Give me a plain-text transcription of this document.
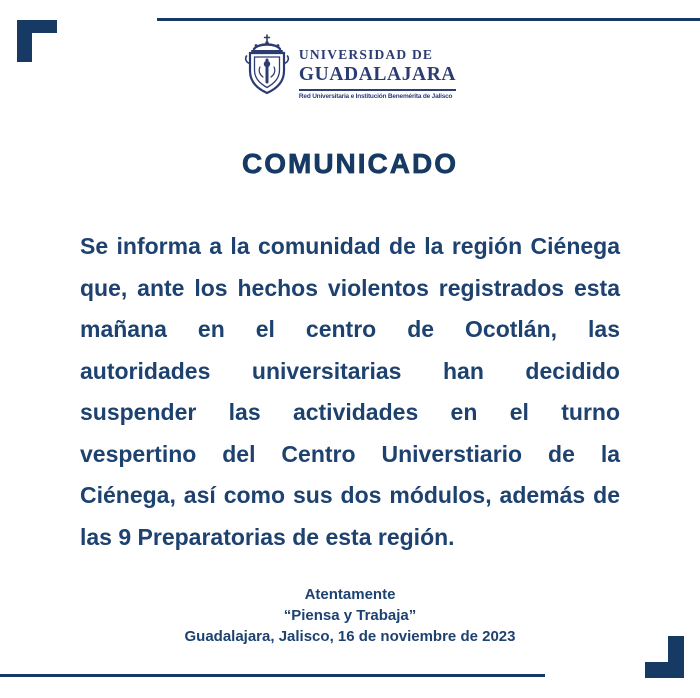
UNIVERSIDAD DE
GUADALAJARA
Red Universitaria e Institución Benemérita de Jalisco
COMUNICADO
Se informa a la comunidad de la región Ciénega
que, ante los hechos violentos registrados esta
mañana en el centro de Ocotlán, las
autoridades universitarias han decidido
suspender las actividades en el turno
vespertino del Centro Universtiario de la
Ciénega, así como sus dos módulos, además de
las 9 Preparatorias de esta región.
Atentamente
“Piensa y Trabaja”
Guadalajara, Jalisco, 16 de noviembre de 2023
